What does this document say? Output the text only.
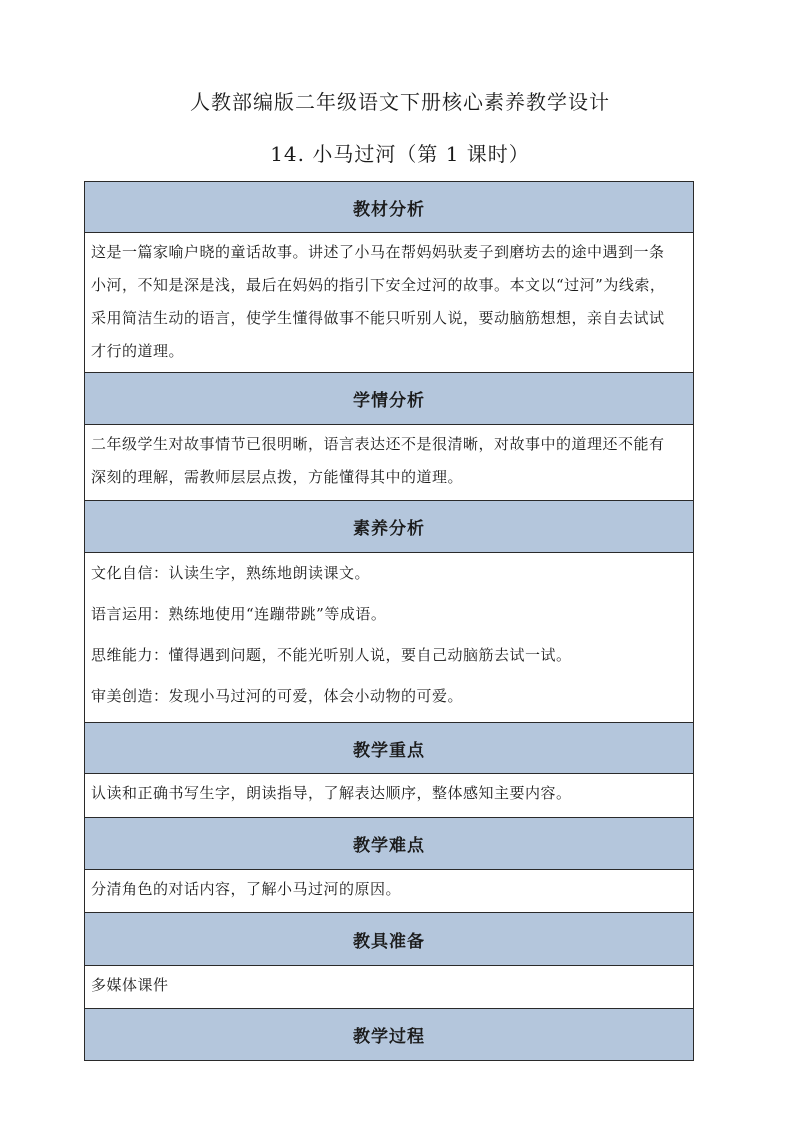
人教部编版二年级语文下册核心素养教学设计
14. 小马过河（第 1 课时）
教材分析

这是一篇家喻户晓的童话故事。讲述了小马在帮妈妈驮麦子到磨坊去的途中遇到一条

小河，不知是深是浅，最后在妈妈的指引下安全过河的故事。本文以“过河”为线索，

采用简洁生动的语言，使学生懂得做事不能只听别人说，要动脑筋想想，亲自去试试

才行的道理。

学情分析

二年级学生对故事情节已很明晰，语言表达还不是很清晰，对故事中的道理还不能有

深刻的理解，需教师层层点拨，方能懂得其中的道理。

素养分析

文化自信：认读生字，熟练地朗读课文。

语言运用：熟练地使用“连蹦带跳”等成语。

思维能力：懂得遇到问题，不能光听别人说，要自己动脑筋去试一试。

审美创造：发现小马过河的可爱，体会小动物的可爱。

教学重点
认读和正确书写生字，朗读指导，了解表达顺序，整体感知主要内容。
教学难点
分清角色的对话内容，了解小马过河的原因。
教具准备
多媒体课件
教学过程
